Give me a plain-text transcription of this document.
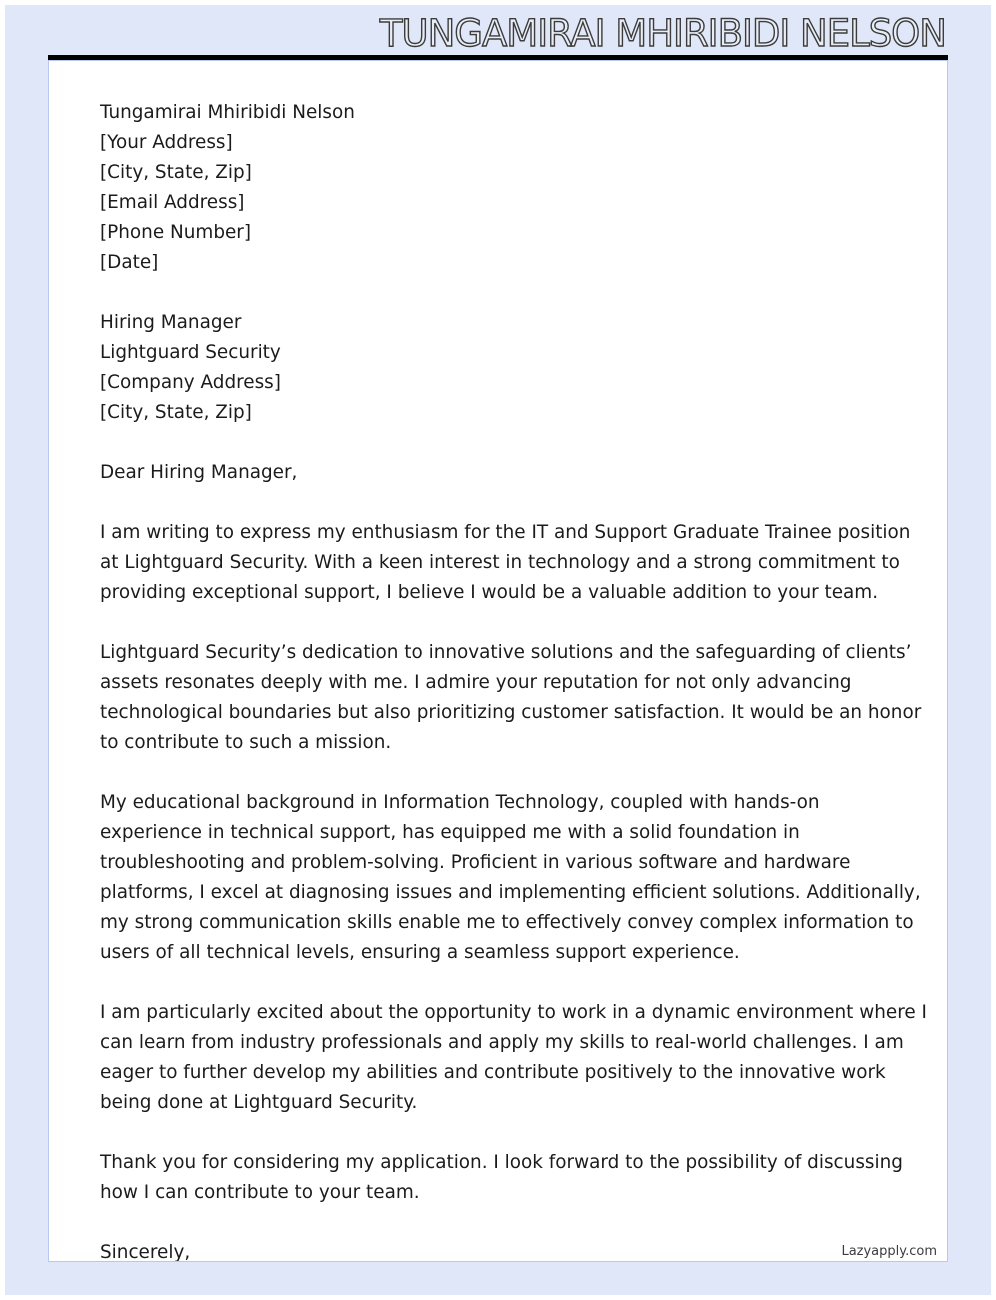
TUNGAMIRAI MHIRIBIDI NELSON
Tungamirai Mhiribidi Nelson
[Your Address]
[City, State, Zip]
[Email Address]
[Phone Number]
[Date]
Hiring Manager
Lightguard Security
[Company Address]
[City, State, Zip]
Dear Hiring Manager,
I am writing to express my enthusiasm for the IT and Support Graduate Trainee position
at Lightguard Security. With a keen interest in technology and a strong commitment to
providing exceptional support, I believe I would be a valuable addition to your team.
Lightguard Security’s dedication to innovative solutions and the safeguarding of clients’
assets resonates deeply with me. I admire your reputation for not only advancing
technological boundaries but also prioritizing customer satisfaction. It would be an honor
to contribute to such a mission.
My educational background in Information Technology, coupled with hands-on
experience in technical support, has equipped me with a solid foundation in
troubleshooting and problem-solving. Proficient in various software and hardware
platforms, I excel at diagnosing issues and implementing efficient solutions. Additionally,
my strong communication skills enable me to effectively convey complex information to
users of all technical levels, ensuring a seamless support experience.
I am particularly excited about the opportunity to work in a dynamic environment where I
can learn from industry professionals and apply my skills to real-world challenges. I am
eager to further develop my abilities and contribute positively to the innovative work
being done at Lightguard Security.
Thank you for considering my application. I look forward to the possibility of discussing
how I can contribute to your team.
Sincerely,	Lazyapply.com
